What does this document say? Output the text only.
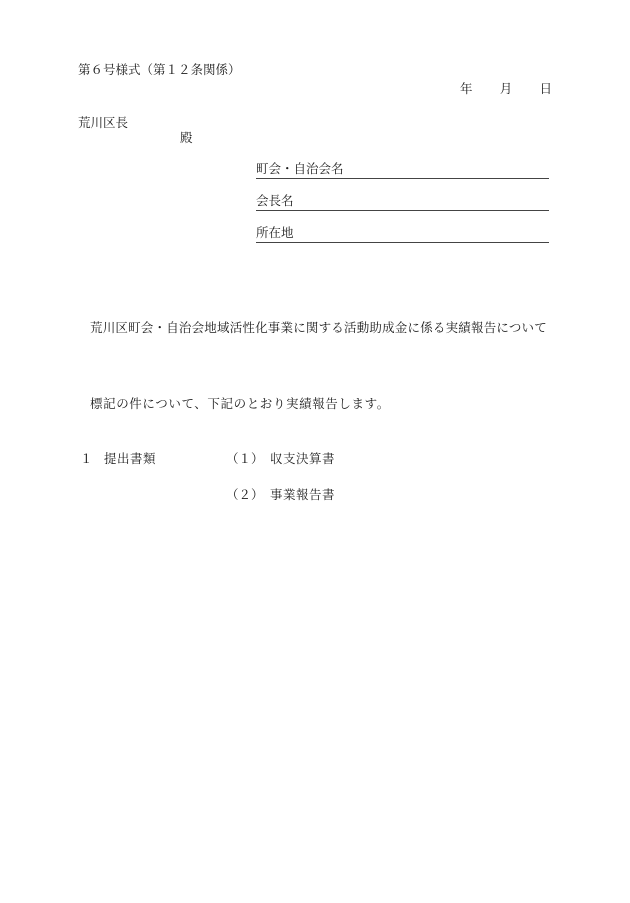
第６号様式（第１２条関係）
年 月 日
荒川区長
殿
町会・自治会名
会長名
所在地
荒川区町会・自治会地域活性化事業に関する活動助成金に係る実績報告について
標記の件について、下記のとおり実績報告します。
１ 提出書類	（１） 収支決算書
（２） 事業報告書
